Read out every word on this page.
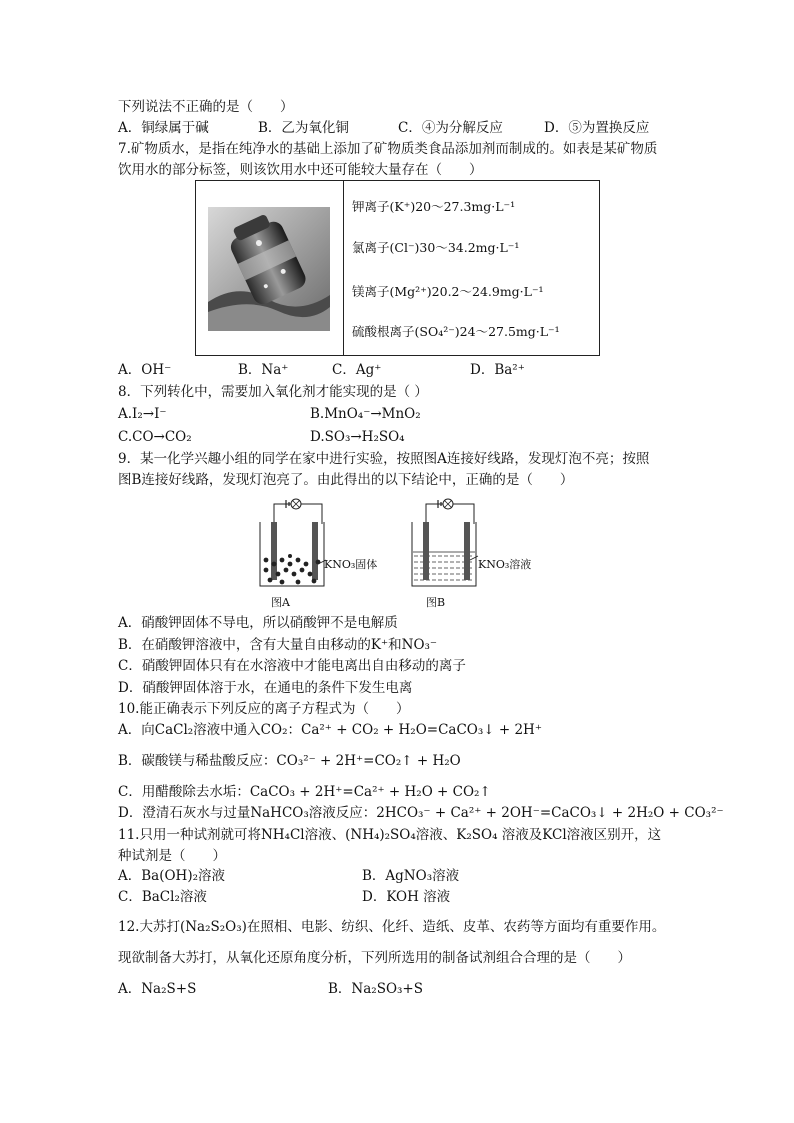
下列说法不正确的是（　　）
A．铜绿属于碱	B．乙为氧化铜	C．④为分解反应	D．⑤为置换反应
7.矿物质水，是指在纯净水的基础上添加了矿物质类食品添加剂而制成的。如表是某矿物质
饮用水的部分标签，则该饮用水中还可能较大量存在（　　）
钾离子(K⁺)20～27.3mg·L⁻¹
氯离子(Cl⁻)30～34.2mg·L⁻¹
镁离子(Mg²⁺)20.2～24.9mg·L⁻¹
硫酸根离子(SO₄²⁻)24～27.5mg·L⁻¹
A．OH⁻	B．Na⁺	C．Ag⁺	D．Ba²⁺
8．下列转化中，需要加入氧化剂才能实现的是（ ）
A.I₂→I⁻	B.MnO₄⁻→MnO₂
C.CO→CO₂	D.SO₃→H₂SO₄
9．某一化学兴趣小组的同学在家中进行实验，按照图A连接好线路，发现灯泡不亮；按照
图B连接好线路，发现灯泡亮了。由此得出的以下结论中，正确的是（　　）
KNO₃固体
图A
KNO₃溶液
图B
A．硝酸钾固体不导电，所以硝酸钾不是电解质
B．在硝酸钾溶液中，含有大量自由移动的K⁺和NO₃⁻
C．硝酸钾固体只有在水溶液中才能电离出自由移动的离子
D．硝酸钾固体溶于水，在通电的条件下发生电离
10.能正确表示下列反应的离子方程式为（　　）
A．向CaCl₂溶液中通入CO₂：Ca²⁺ + CO₂ + H₂O=CaCO₃↓ + 2H⁺
B．碳酸镁与稀盐酸反应：CO₃²⁻ + 2H⁺=CO₂↑ + H₂O
C．用醋酸除去水垢：CaCO₃ + 2H⁺=Ca²⁺ + H₂O + CO₂↑
D．澄清石灰水与过量NaHCO₃溶液反应：2HCO₃⁻ + Ca²⁺ + 2OH⁻=CaCO₃↓ + 2H₂O + CO₃²⁻
11.只用一种试剂就可将NH₄Cl溶液、(NH₄)₂SO₄溶液、K₂SO₄ 溶液及KCl溶液区别开，这
种试剂是（　　）
A．Ba(OH)₂溶液	B．AgNO₃溶液
C．BaCl₂溶液	D．KOH 溶液
12.大苏打(Na₂S₂O₃)在照相、电影、纺织、化纤、造纸、皮革、农药等方面均有重要作用。
现欲制备大苏打，从氧化还原角度分析，下列所选用的制备试剂组合合理的是（　　）
A．Na₂S+S	B．Na₂SO₃+S
